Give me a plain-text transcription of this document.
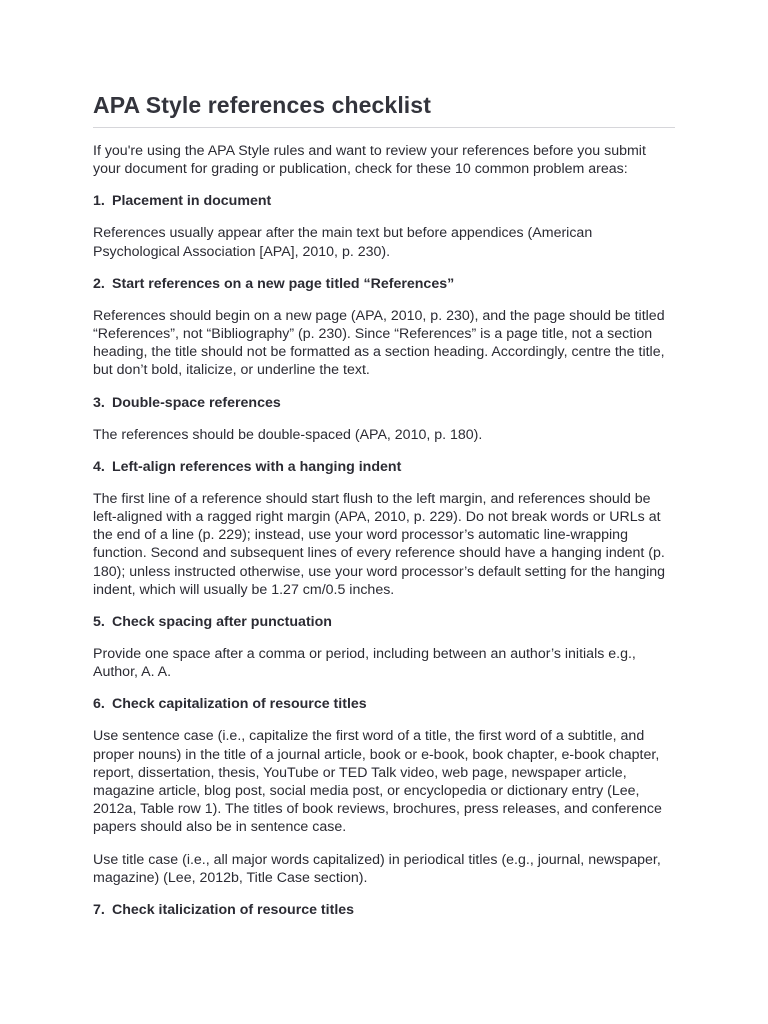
APA Style references checklist

If you're using the APA Style rules and want to review your references before you submit your document for grading or publication, check for these 10 common problem areas:

1. Placement in document

References usually appear after the main text but before appendices (American Psychological Association [APA], 2010, p. 230).

2. Start references on a new page titled “References”

References should begin on a new page (APA, 2010, p. 230), and the page should be titled “References”, not “Bibliography” (p. 230). Since “References” is a page title, not a section heading, the title should not be formatted as a section heading. Accordingly, centre the title, but don’t bold, italicize, or underline the text.

3. Double-space references

The references should be double-spaced (APA, 2010, p. 180).

4. Left-align references with a hanging indent

The first line of a reference should start flush to the left margin, and references should be left-aligned with a ragged right margin (APA, 2010, p. 229). Do not break words or URLs at the end of a line (p. 229); instead, use your word processor’s automatic line-wrapping function. Second and subsequent lines of every reference should have a hanging indent (p. 180); unless instructed otherwise, use your word processor’s default setting for the hanging indent, which will usually be 1.27 cm/0.5 inches.

5. Check spacing after punctuation

Provide one space after a comma or period, including between an author’s initials e.g., Author, A. A.

6. Check capitalization of resource titles

Use sentence case (i.e., capitalize the first word of a title, the first word of a subtitle, and proper nouns) in the title of a journal article, book or e-book, book chapter, e-book chapter, report, dissertation, thesis, YouTube or TED Talk video, web page, newspaper article, magazine article, blog post, social media post, or encyclopedia or dictionary entry (Lee, 2012a, Table row 1). The titles of book reviews, brochures, press releases, and conference papers should also be in sentence case.

Use title case (i.e., all major words capitalized) in periodical titles (e.g., journal, newspaper, magazine) (Lee, 2012b, Title Case section).

7. Check italicization of resource titles
